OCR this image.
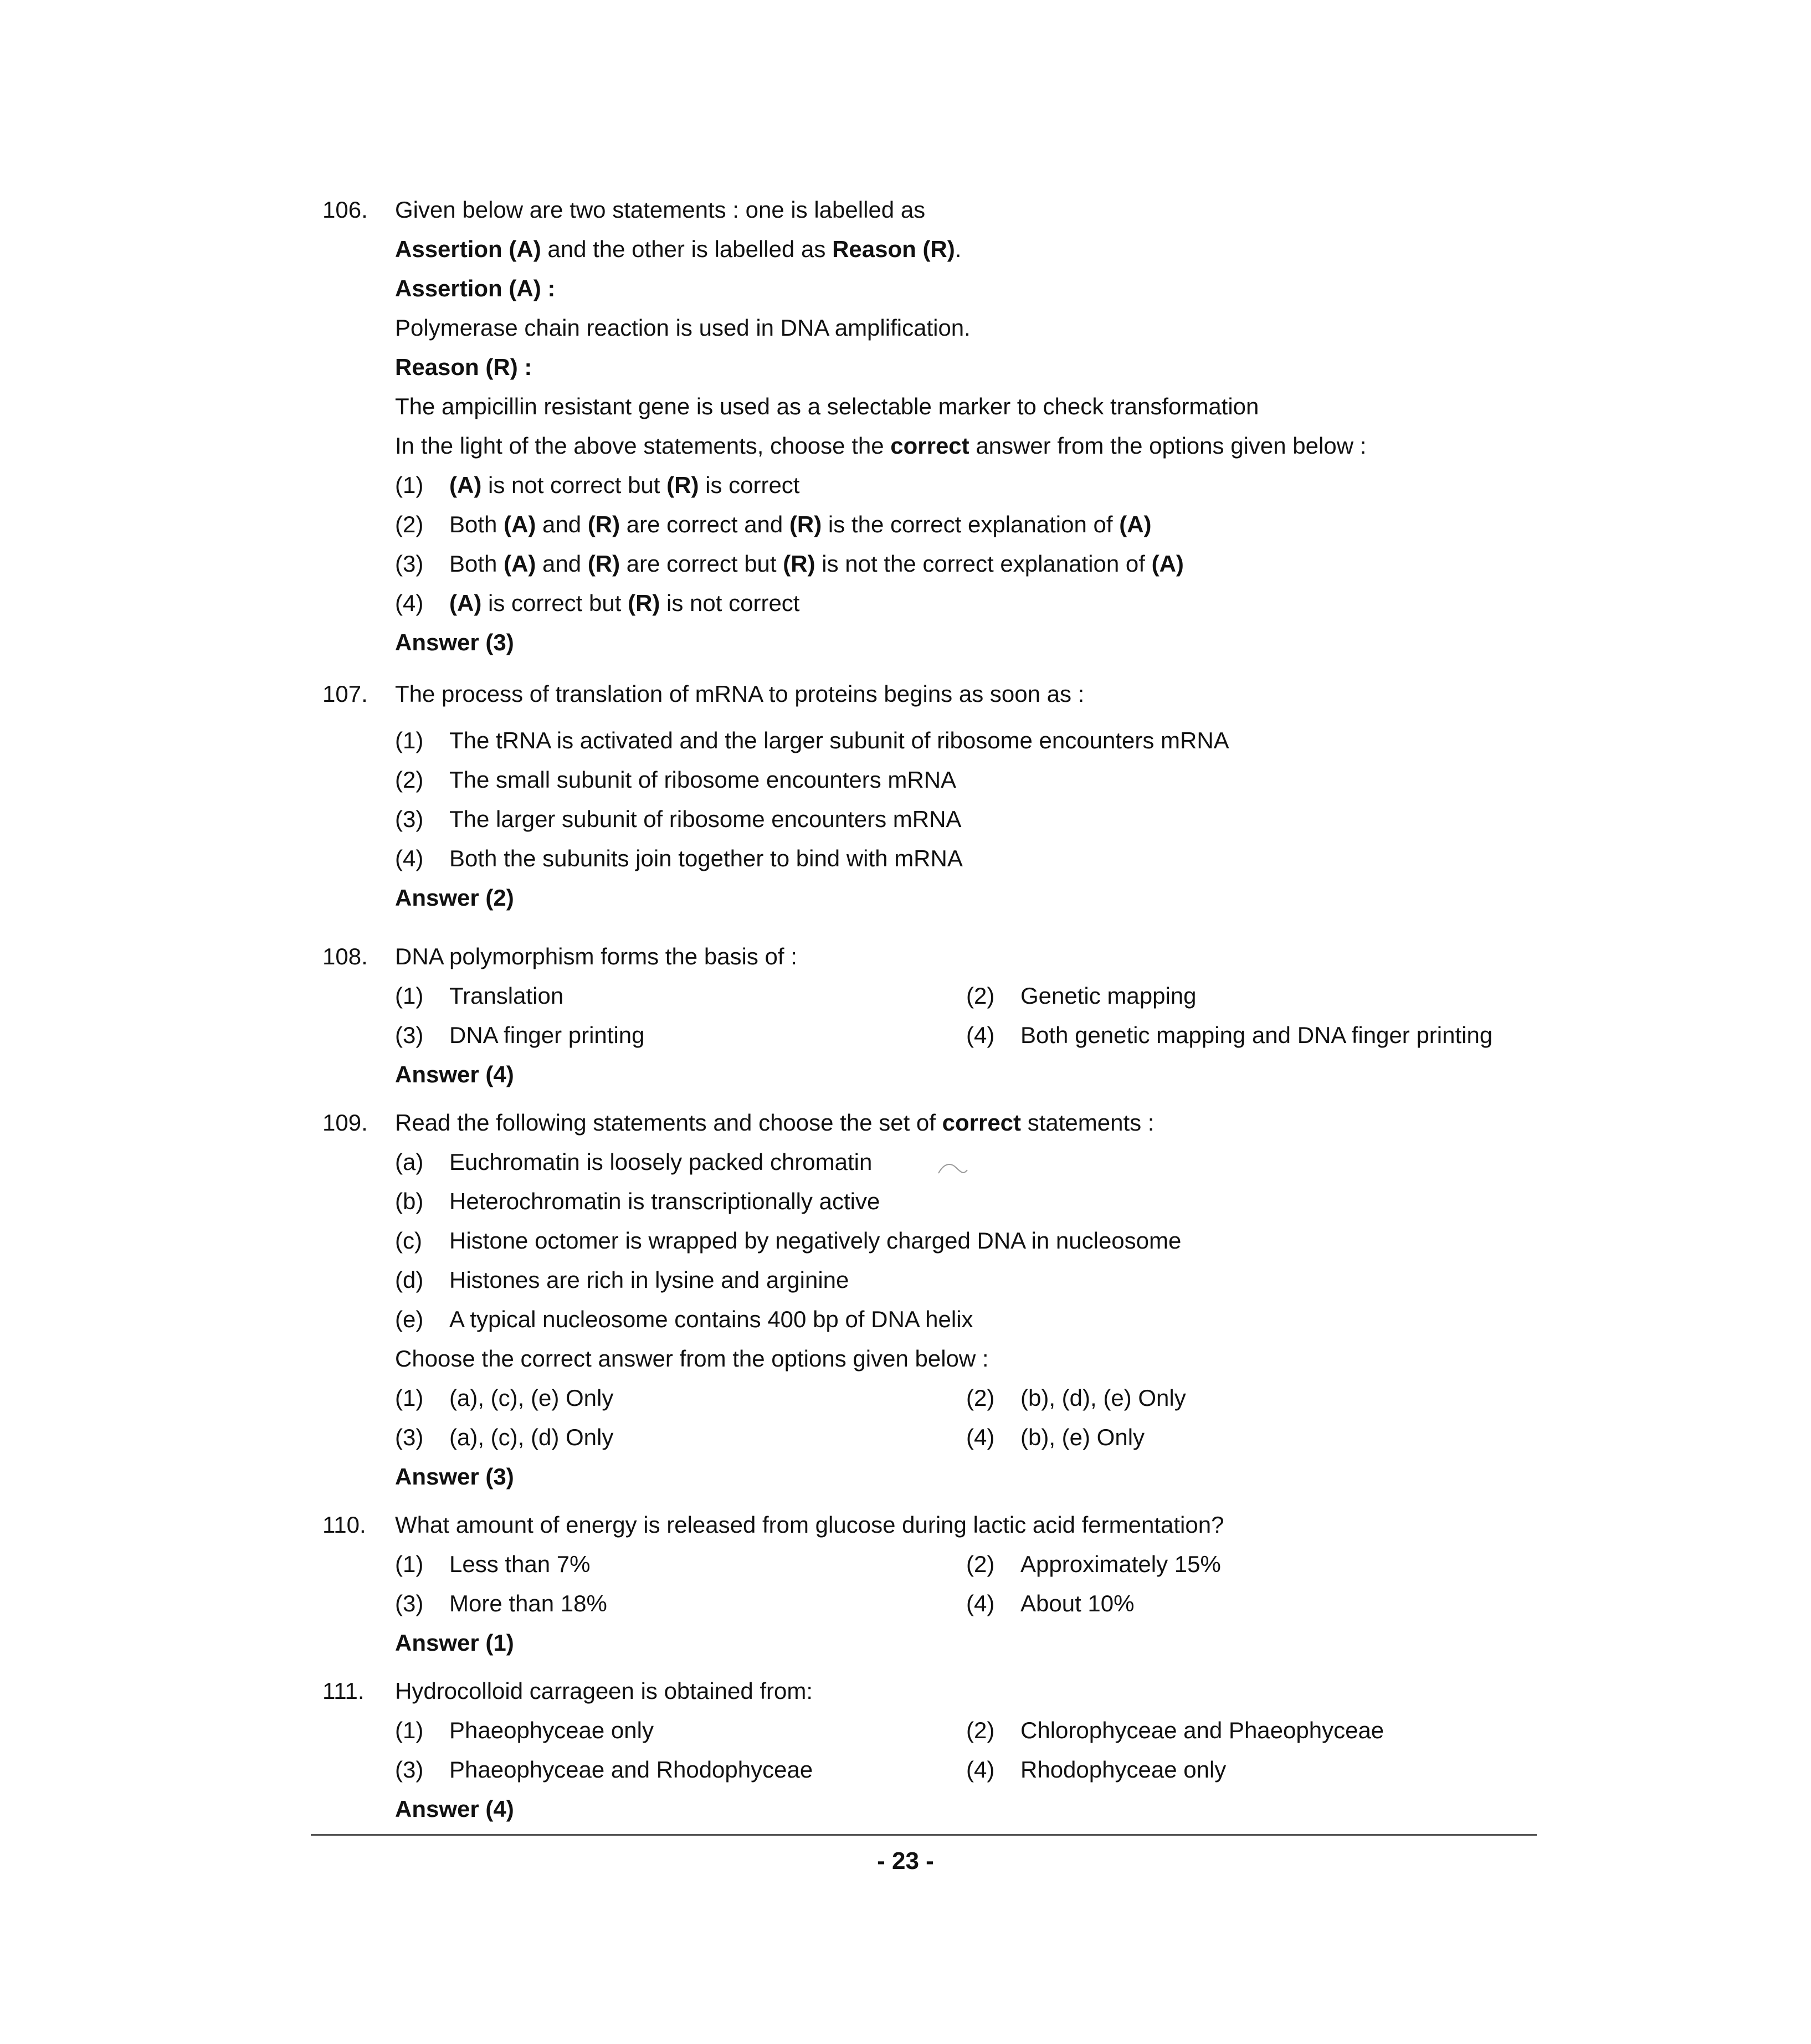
106. Given below are two statements : one is labelled as
Assertion (A) and the other is labelled as Reason (R).
Assertion (A) :
Polymerase chain reaction is used in DNA amplification.
Reason (R) :
The ampicillin resistant gene is used as a selectable marker to check transformation
In the light of the above statements, choose the correct answer from the options given below :
(1) (A) is not correct but (R) is correct
(2) Both (A) and (R) are correct and (R) is the correct explanation of (A)
(3) Both (A) and (R) are correct but (R) is not the correct explanation of (A)
(4) (A) is correct but (R) is not correct
Answer (3)
107. The process of translation of mRNA to proteins begins as soon as :
(1) The tRNA is activated and the larger subunit of ribosome encounters mRNA
(2) The small subunit of ribosome encounters mRNA
(3) The larger subunit of ribosome encounters mRNA
(4) Both the subunits join together to bind with mRNA
Answer (2)
108. DNA polymorphism forms the basis of :
(1) Translation	(2) Genetic mapping
(3) DNA finger printing	(4) Both genetic mapping and DNA finger printing
Answer (4)
109. Read the following statements and choose the set of correct statements :
(a) Euchromatin is loosely packed chromatin
(b) Heterochromatin is transcriptionally active
(c) Histone octomer is wrapped by negatively charged DNA in nucleosome
(d) Histones are rich in lysine and arginine
(e) A typical nucleosome contains 400 bp of DNA helix
Choose the correct answer from the options given below :
(1) (a), (c), (e) Only	(2) (b), (d), (e) Only
(3) (a), (c), (d) Only	(4) (b), (e) Only
Answer (3)
110. What amount of energy is released from glucose during lactic acid fermentation?
(1) Less than 7%	(2) Approximately 15%
(3) More than 18%	(4) About 10%
Answer (1)
111. Hydrocolloid carrageen is obtained from:
(1) Phaeophyceae only	(2) Chlorophyceae and Phaeophyceae
(3) Phaeophyceae and Rhodophyceae	(4) Rhodophyceae only
Answer (4)
- 23 -
